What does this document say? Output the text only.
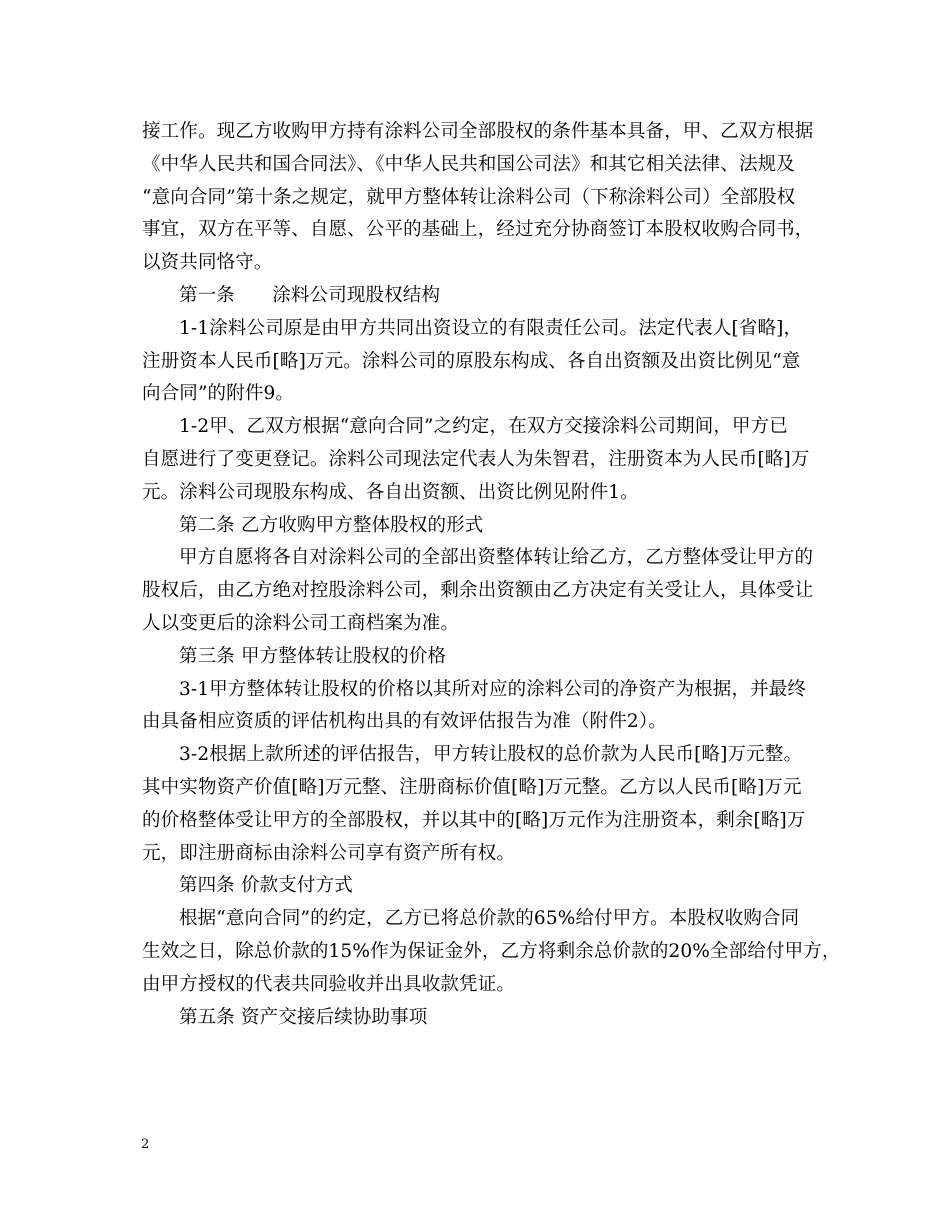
接工作。现乙方收购甲方持有涂料公司全部股权的条件基本具备，甲、乙双方根据
《中华人民共和国合同法》、《中华人民共和国公司法》和其它相关法律、法规及
“意向合同”第十条之规定，就甲方整体转让涂料公司（下称涂料公司）全部股权
事宜，双方在平等、自愿、公平的基础上，经过充分协商签订本股权收购合同书，
以资共同恪守。
第一条　　涂料公司现股权结构
1-1涂料公司原是由甲方共同出资设立的有限责任公司。法定代表人[省略]，
注册资本人民币[略]万元。涂料公司的原股东构成、各自出资额及出资比例见“意
向合同”的附件9。
1-2甲、乙双方根据“意向合同”之约定，在双方交接涂料公司期间，甲方已
自愿进行了变更登记。涂料公司现法定代表人为朱智君，注册资本为人民币[略]万
元。涂料公司现股东构成、各自出资额、出资比例见附件1。
第二条 乙方收购甲方整体股权的形式
甲方自愿将各自对涂料公司的全部出资整体转让给乙方，乙方整体受让甲方的
股权后，由乙方绝对控股涂料公司，剩余出资额由乙方决定有关受让人，具体受让
人以变更后的涂料公司工商档案为准。
第三条 甲方整体转让股权的价格
3-1甲方整体转让股权的价格以其所对应的涂料公司的净资产为根据，并最终
由具备相应资质的评估机构出具的有效评估报告为准（附件2）。
3-2根据上款所述的评估报告，甲方转让股权的总价款为人民币[略]万元整。
其中实物资产价值[略]万元整、注册商标价值[略]万元整。乙方以人民币[略]万元
的价格整体受让甲方的全部股权，并以其中的[略]万元作为注册资本，剩余[略]万
元，即注册商标由涂料公司享有资产所有权。
第四条 价款支付方式
根据“意向合同”的约定，乙方已将总价款的65%给付甲方。本股权收购合同
生效之日，除总价款的15%作为保证金外，乙方将剩余总价款的20%全部给付甲方，
由甲方授权的代表共同验收并出具收款凭证。
第五条 资产交接后续协助事项
2
